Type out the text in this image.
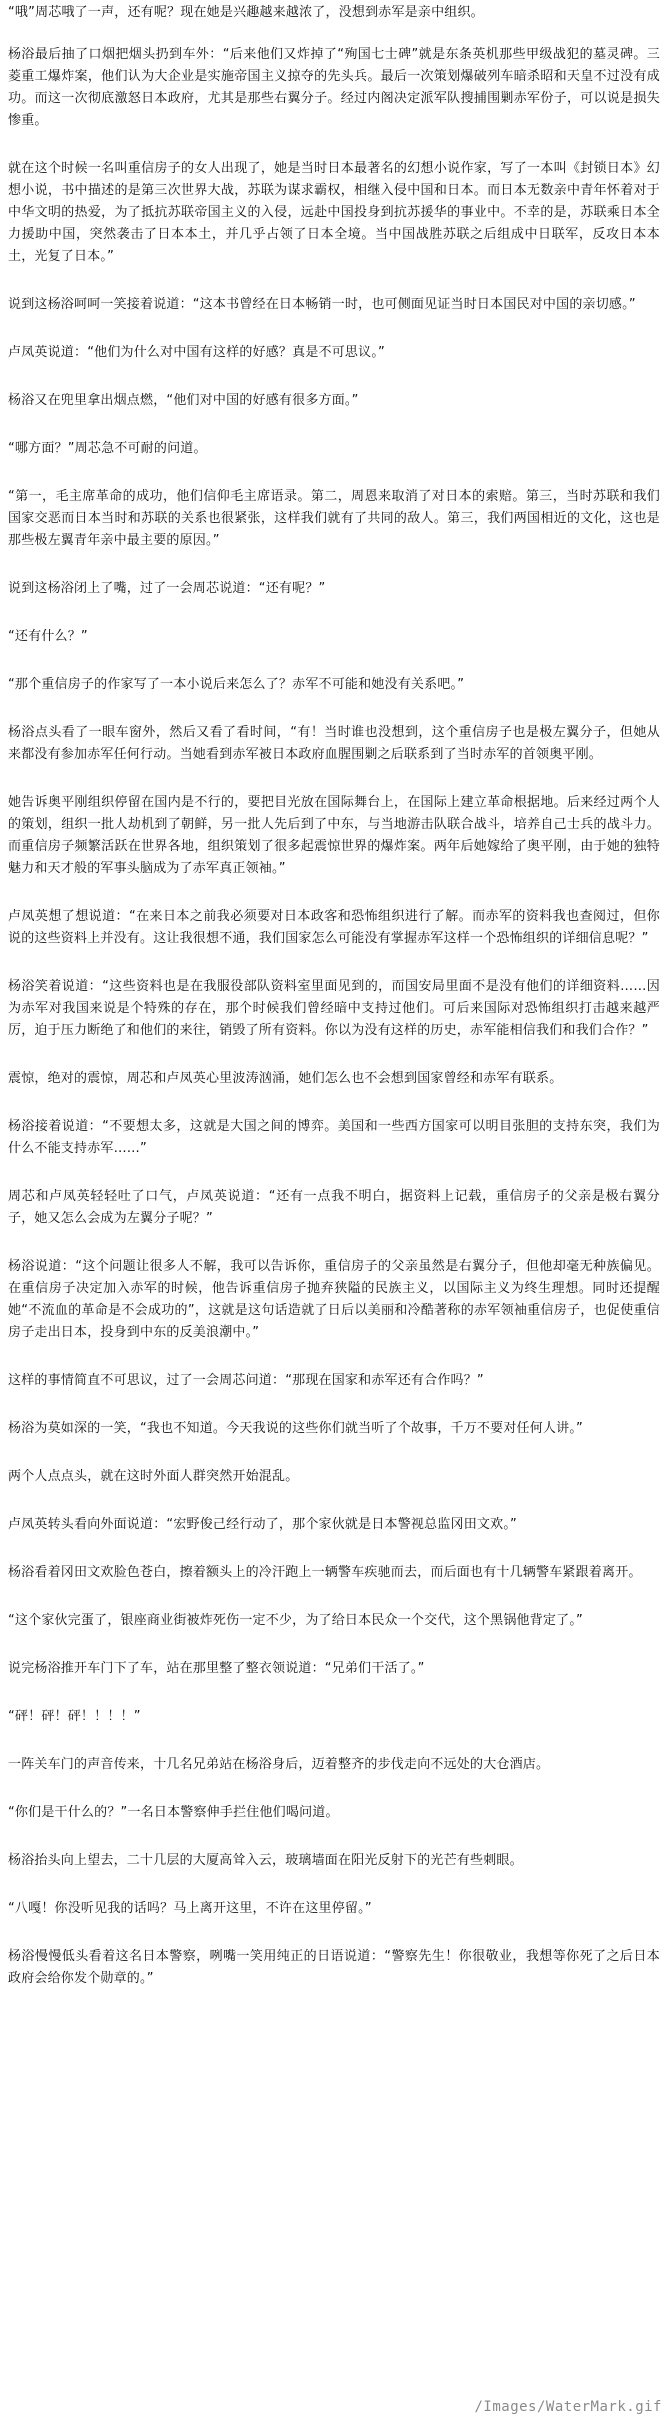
“哦”周芯哦了一声，还有呢？现在她是兴趣越来越浓了，没想到赤军是亲中组织。

杨浴最后抽了口烟把烟头扔到车外：“后来他们又炸掉了“殉国七士碑”就是东条英机那些甲级战犯的墓灵碑。三菱重工爆炸案，他们认为大企业是实施帝国主义掠夺的先头兵。最后一次策划爆破列车暗杀昭和天皇不过没有成功。而这一次彻底激怒日本政府，尤其是那些右翼分子。经过内阁决定派军队搜捕围剿赤军份子，可以说是损失惨重。

就在这个时候一名叫重信房子的女人出现了，她是当时日本最著名的幻想小说作家，写了一本叫《封锁日本》幻想小说，书中描述的是第三次世界大战，苏联为谋求霸权，相继入侵中国和日本。而日本无数亲中青年怀着对于中华文明的热爱，为了抵抗苏联帝国主义的入侵，远赴中国投身到抗苏援华的事业中。不幸的是，苏联乘日本全力援助中国，突然袭击了日本本土，并几乎占领了日本全境。当中国战胜苏联之后组成中日联军，反攻日本本土，光复了日本。”

说到这杨浴呵呵一笑接着说道：“这本书曾经在日本畅销一时，也可侧面见证当时日本国民对中国的亲切感。”

卢凤英说道：“他们为什么对中国有这样的好感？真是不可思议。”

杨浴又在兜里拿出烟点燃，“他们对中国的好感有很多方面。”

“哪方面？”周芯急不可耐的问道。

“第一，毛主席革命的成功，他们信仰毛主席语录。第二，周恩来取消了对日本的索赔。第三，当时苏联和我们国家交恶而日本当时和苏联的关系也很紧张，这样我们就有了共同的敌人。第三，我们两国相近的文化，这也是那些极左翼青年亲中最主要的原因。”

说到这杨浴闭上了嘴，过了一会周芯说道：“还有呢？”

“还有什么？”

“那个重信房子的作家写了一本小说后来怎么了？赤军不可能和她没有关系吧。”

杨浴点头看了一眼车窗外，然后又看了看时间，“有！当时谁也没想到，这个重信房子也是极左翼分子，但她从来都没有参加赤军任何行动。当她看到赤军被日本政府血腥围剿之后联系到了当时赤军的首领奥平刚。

她告诉奥平刚组织停留在国内是不行的，要把目光放在国际舞台上，在国际上建立革命根据地。后来经过两个人的策划，组织一批人劫机到了朝鲜，另一批人先后到了中东，与当地游击队联合战斗，培养自己士兵的战斗力。而重信房子频繁活跃在世界各地，组织策划了很多起震惊世界的爆炸案。两年后她嫁给了奥平刚，由于她的独特魅力和天才般的军事头脑成为了赤军真正领袖。”

卢凤英想了想说道：“在来日本之前我必须要对日本政客和恐怖组织进行了解。而赤军的资料我也查阅过，但你说的这些资料上并没有。这让我很想不通，我们国家怎么可能没有掌握赤军这样一个恐怖组织的详细信息呢？”

杨浴笑着说道：“这些资料也是在我服役部队资料室里面见到的，而国安局里面不是没有他们的详细资料……因为赤军对我国来说是个特殊的存在，那个时候我们曾经暗中支持过他们。可后来国际对恐怖组织打击越来越严厉，迫于压力断绝了和他们的来往，销毁了所有资料。你以为没有这样的历史，赤军能相信我们和我们合作？”

震惊，绝对的震惊，周芯和卢凤英心里波涛汹涌，她们怎么也不会想到国家曾经和赤军有联系。

杨浴接着说道：“不要想太多，这就是大国之间的博弈。美国和一些西方国家可以明目张胆的支持东突，我们为什么不能支持赤军……”

周芯和卢凤英轻轻吐了口气，卢凤英说道：“还有一点我不明白，据资料上记载，重信房子的父亲是极右翼分子，她又怎么会成为左翼分子呢？”

杨浴说道：“这个问题让很多人不解，我可以告诉你，重信房子的父亲虽然是右翼分子，但他却毫无种族偏见。在重信房子决定加入赤军的时候，他告诉重信房子抛弃狭隘的民族主义，以国际主义为终生理想。同时还提醒她“不流血的革命是不会成功的”，这就是这句话造就了日后以美丽和冷酷著称的赤军领袖重信房子，也促使重信房子走出日本，投身到中东的反美浪潮中。”

这样的事情简直不可思议，过了一会周芯问道：“那现在国家和赤军还有合作吗？”

杨浴为莫如深的一笑，“我也不知道。今天我说的这些你们就当听了个故事，千万不要对任何人讲。”

两个人点点头，就在这时外面人群突然开始混乱。

卢凤英转头看向外面说道：“宏野俊己经行动了，那个家伙就是日本警视总监冈田文欢。”

杨浴看着冈田文欢脸色苍白，擦着额头上的冷汗跑上一辆警车疾驰而去，而后面也有十几辆警车紧跟着离开。

“这个家伙完蛋了，银座商业街被炸死伤一定不少，为了给日本民众一个交代，这个黑锅他背定了。”

说完杨浴推开车门下了车，站在那里整了整衣领说道：“兄弟们干活了。”

“砰！砰！砰！！！！”

一阵关车门的声音传来，十几名兄弟站在杨浴身后，迈着整齐的步伐走向不远处的大仓酒店。

“你们是干什么的？”一名日本警察伸手拦住他们喝问道。

杨浴抬头向上望去，二十几层的大厦高耸入云，玻璃墙面在阳光反射下的光芒有些刺眼。

“八嘎！你没听见我的话吗？马上离开这里，不许在这里停留。”

杨浴慢慢低头看着这名日本警察，咧嘴一笑用纯正的日语说道：“警察先生！你很敬业，我想等你死了之后日本政府会给你发个勋章的。”

/Images/WaterMark.gif
